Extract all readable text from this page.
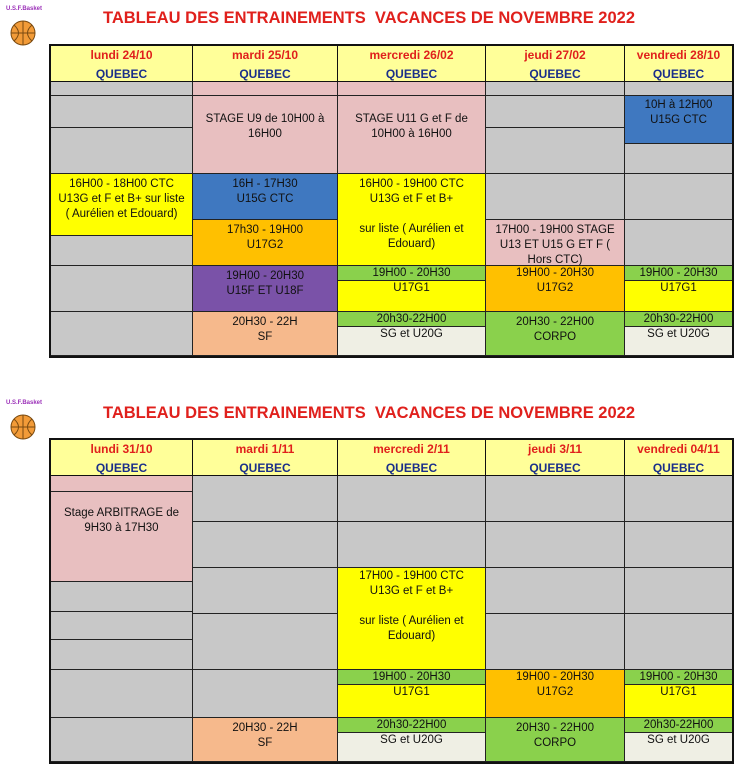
U.S.F.Basket	TABLEAU DES ENTRAINEMENTS  VACANCES DE NOVEMBRE 2022
lundi 24/10
QUEBEC
mardi 25/10
QUEBEC
mercredi 26/02
QUEBEC
jeudi 27/02
QUEBEC
vendredi 28/10
QUEBEC
16H00 - 18H00 CTC U13G et F et B+ sur liste ( Aurélien et Edouard)
STAGE U9 de 10H00 à 16H00
16H - 17H30 U15G CTC
17h30 - 19H00 U17G2
19H00 - 20H30 U15F ET U18F
20H30 - 22H SF
STAGE U11 G et F de 10H00 à 16H00
16H00 - 19H00 CTC U13G et F et B+
sur liste ( Aurélien et Edouard)
19H00 - 20H30
U17G1
20h30-22H00
SG et U20G
17H00 - 19H00 STAGE U13 ET U15 G ET F ( Hors CTC)
19H00 - 20H30
U17G2
20H30 - 22H00 CORPO
10H à 12H00 U15G CTC
19H00 - 20H30
U17G1
20h30-22H00
SG et U20G
U.S.F.Basket
TABLEAU DES ENTRAINEMENTS  VACANCES DE NOVEMBRE 2022
lundi 31/10
QUEBEC
mardi 1/11
QUEBEC
mercredi 2/11
QUEBEC
jeudi 3/11
QUEBEC
vendredi 04/11
QUEBEC
Stage ARBITRAGE de 9H30 à 17H30
20H30 - 22H SF
17H00 - 19H00 CTC U13G et F et B+
sur liste ( Aurélien et Edouard)
19H00 - 20H30
U17G1
20h30-22H00
SG et U20G
19H00 - 20H30
U17G2
20H30 - 22H00 CORPO
19H00 - 20H30
U17G1
20h30-22H00
SG et U20G
